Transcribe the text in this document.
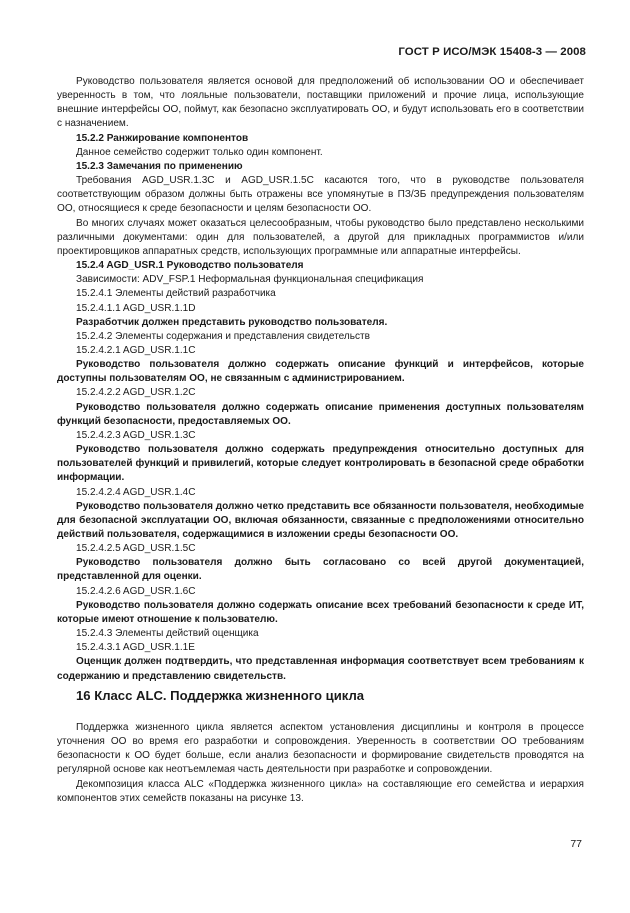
ГОСТ Р ИСО/МЭК 15408-3 — 2008

Руководство пользователя является основой для предположений об использовании ОО и обеспечивает уверенность в том, что лояльные пользователи, поставщики приложений и прочие лица, использующие внешние интерфейсы ОО, поймут, как безопасно эксплуатировать ОО, и будут использовать его в соответствии с назначением.

15.2.2 Ранжирование компонентов

Данное семейство содержит только один компонент.

15.2.3 Замечания по применению

Требования AGD_USR.1.3C и AGD_USR.1.5C касаются того, что в руководстве пользователя соответствующим образом должны быть отражены все упомянутые в ПЗ/ЗБ предупреждения пользователям ОО, относящиеся к среде безопасности и целям безопасности ОО.

Во многих случаях может оказаться целесообразным, чтобы руководство было представлено несколькими различными документами: один для пользователей, а другой для прикладных программистов и/или проектировщиков аппаратных средств, использующих программные или аппаратные интерфейсы.

15.2.4 AGD_USR.1 Руководство пользователя

Зависимости: ADV_FSP.1 Неформальная функциональная спецификация

15.2.4.1 Элементы действий разработчика

15.2.4.1.1 AGD_USR.1.1D

Разработчик должен представить руководство пользователя.

15.2.4.2 Элементы содержания и представления свидетельств

15.2.4.2.1 AGD_USR.1.1C

Руководство пользователя должно содержать описание функций и интерфейсов, которые доступны пользователям ОО, не связанным с администрированием.

15.2.4.2.2 AGD_USR.1.2C

Руководство пользователя должно содержать описание применения доступных пользователям функций безопасности, предоставляемых ОО.

15.2.4.2.3 AGD_USR.1.3C

Руководство пользователя должно содержать предупреждения относительно доступных для пользователей функций и привилегий, которые следует контролировать в безопасной среде обработки информации.

15.2.4.2.4 AGD_USR.1.4C

Руководство пользователя должно четко представить все обязанности пользователя, необходимые для безопасной эксплуатации ОО, включая обязанности, связанные с предположениями относительно действий пользователя, содержащимися в изложении среды безопасности ОО.

15.2.4.2.5 AGD_USR.1.5C

Руководство пользователя должно быть согласовано со всей другой документацией, представленной для оценки.

15.2.4.2.6 AGD_USR.1.6C

Руководство пользователя должно содержать описание всех требований безопасности к среде ИТ, которые имеют отношение к пользователю.

15.2.4.3 Элементы действий оценщика

15.2.4.3.1 AGD_USR.1.1E

Оценщик должен подтвердить, что представленная информация соответствует всем требованиям к содержанию и представлению свидетельств.

16 Класс ALC. Поддержка жизненного цикла

Поддержка жизненного цикла является аспектом установления дисциплины и контроля в процессе уточнения ОО во время его разработки и сопровождения. Уверенность в соответствии ОО требованиям безопасности к ОО будет больше, если анализ безопасности и формирование свидетельств проводятся на регулярной основе как неотъемлемая часть деятельности при разработке и сопровождении.

Декомпозиция класса ALC «Поддержка жизненного цикла» на составляющие его семейства и иерархия компонентов этих семейств показаны на рисунке 13.

77
